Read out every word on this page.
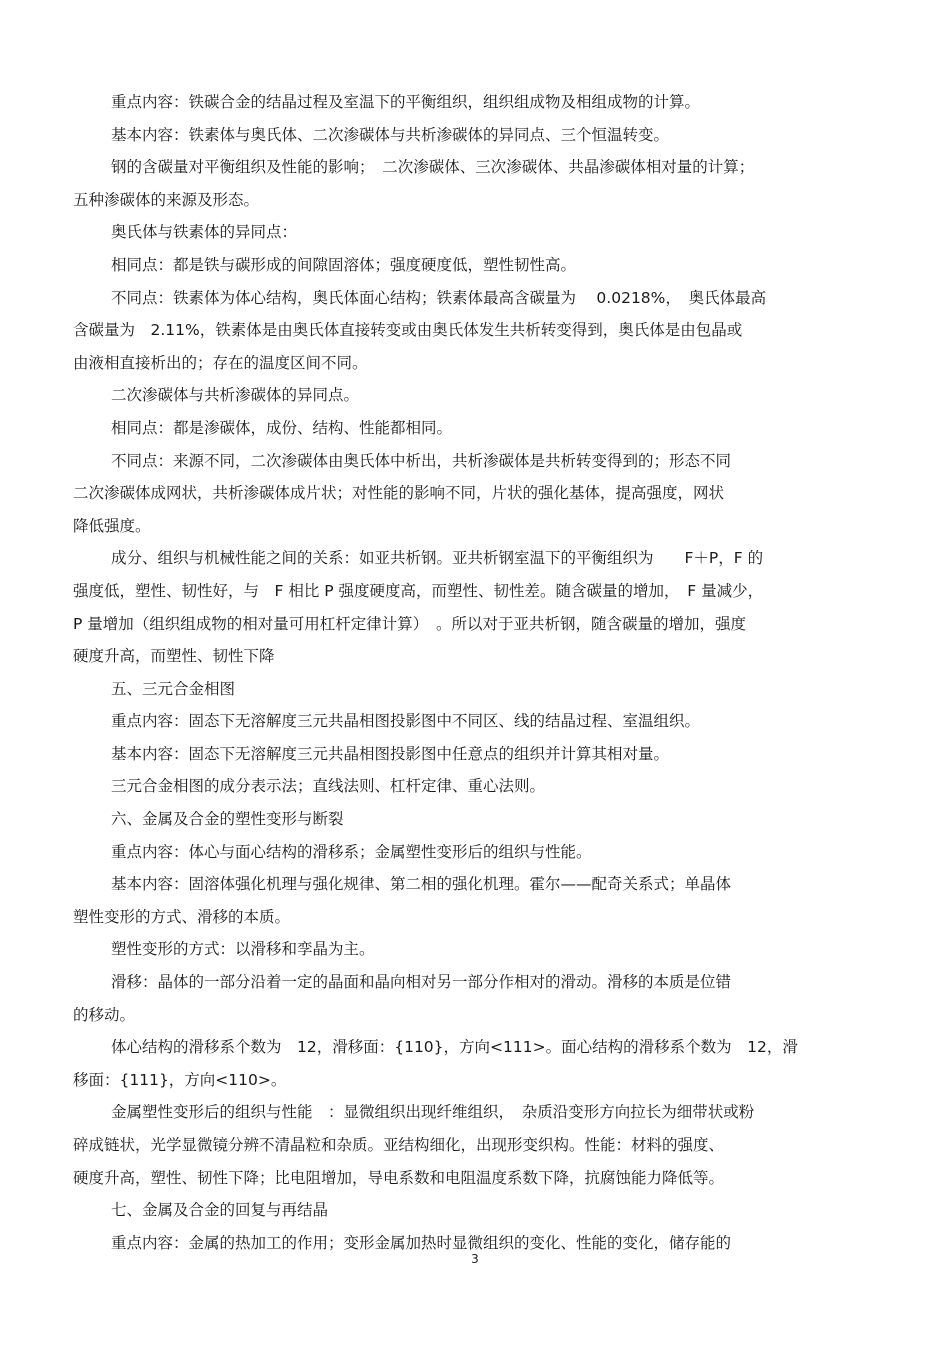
重点内容：铁碳合金的结晶过程及室温下的平衡组织，组织组成物及相组成物的计算。
基本内容：铁素体与奥氏体、二次渗碳体与共析渗碳体的异同点、三个恒温转变。
钢的含碳量对平衡组织及性能的影响；　二次渗碳体、三次渗碳体、共晶渗碳体相对量的计算；
五种渗碳体的来源及形态。
奥氏体与铁素体的异同点：
相同点：都是铁与碳形成的间隙固溶体；强度硬度低，塑性韧性高。
不同点：铁素体为体心结构，奥氏体面心结构；铁素体最高含碳量为　 0.0218%，　奥氏体最高
含碳量为　2.11%，铁素体是由奥氏体直接转变或由奥氏体发生共析转变得到，奥氏体是由包晶或
由液相直接析出的；存在的温度区间不同。
二次渗碳体与共析渗碳体的异同点。
相同点：都是渗碳体，成份、结构、性能都相同。
不同点：来源不同，二次渗碳体由奥氏体中析出，共析渗碳体是共析转变得到的；形态不同
二次渗碳体成网状，共析渗碳体成片状；对性能的影响不同，片状的强化基体，提高强度，网状
降低强度。
成分、组织与机械性能之间的关系：如亚共析钢。亚共析钢室温下的平衡组织为　　F＋P，F 的
强度低，塑性、韧性好，与　F 相比 P 强度硬度高，而塑性、韧性差。随含碳量的增加，　F 量减少，
P 量增加（组织组成物的相对量可用杠杆定律计算）　。所以对于亚共析钢，随含碳量的增加，强度
硬度升高，而塑性、韧性下降
五、三元合金相图
重点内容：固态下无溶解度三元共晶相图投影图中不同区、线的结晶过程、室温组织。
基本内容：固态下无溶解度三元共晶相图投影图中任意点的组织并计算其相对量。
三元合金相图的成分表示法；直线法则、杠杆定律、重心法则。
六、金属及合金的塑性变形与断裂
重点内容：体心与面心结构的滑移系；金属塑性变形后的组织与性能。
基本内容：固溶体强化机理与强化规律、第二相的强化机理。霍尔——配奇关系式；单晶体
塑性变形的方式、滑移的本质。
塑性变形的方式：以滑移和孪晶为主。
滑移：晶体的一部分沿着一定的晶面和晶向相对另一部分作相对的滑动。滑移的本质是位错
的移动。
体心结构的滑移系个数为　12，滑移面：{110}，方向<111>。面心结构的滑移系个数为　12，滑
移面：{111}，方向<110>。
金属塑性变形后的组织与性能　：显微组织出现纤维组织，　杂质沿变形方向拉长为细带状或粉
碎成链状，光学显微镜分辨不清晶粒和杂质。亚结构细化，出现形变织构。性能：材料的强度、
硬度升高，塑性、韧性下降；比电阻增加，导电系数和电阻温度系数下降，抗腐蚀能力降低等。
七、金属及合金的回复与再结晶
重点内容：金属的热加工的作用；变形金属加热时显微组织的变化、性能的变化，储存能的
3
